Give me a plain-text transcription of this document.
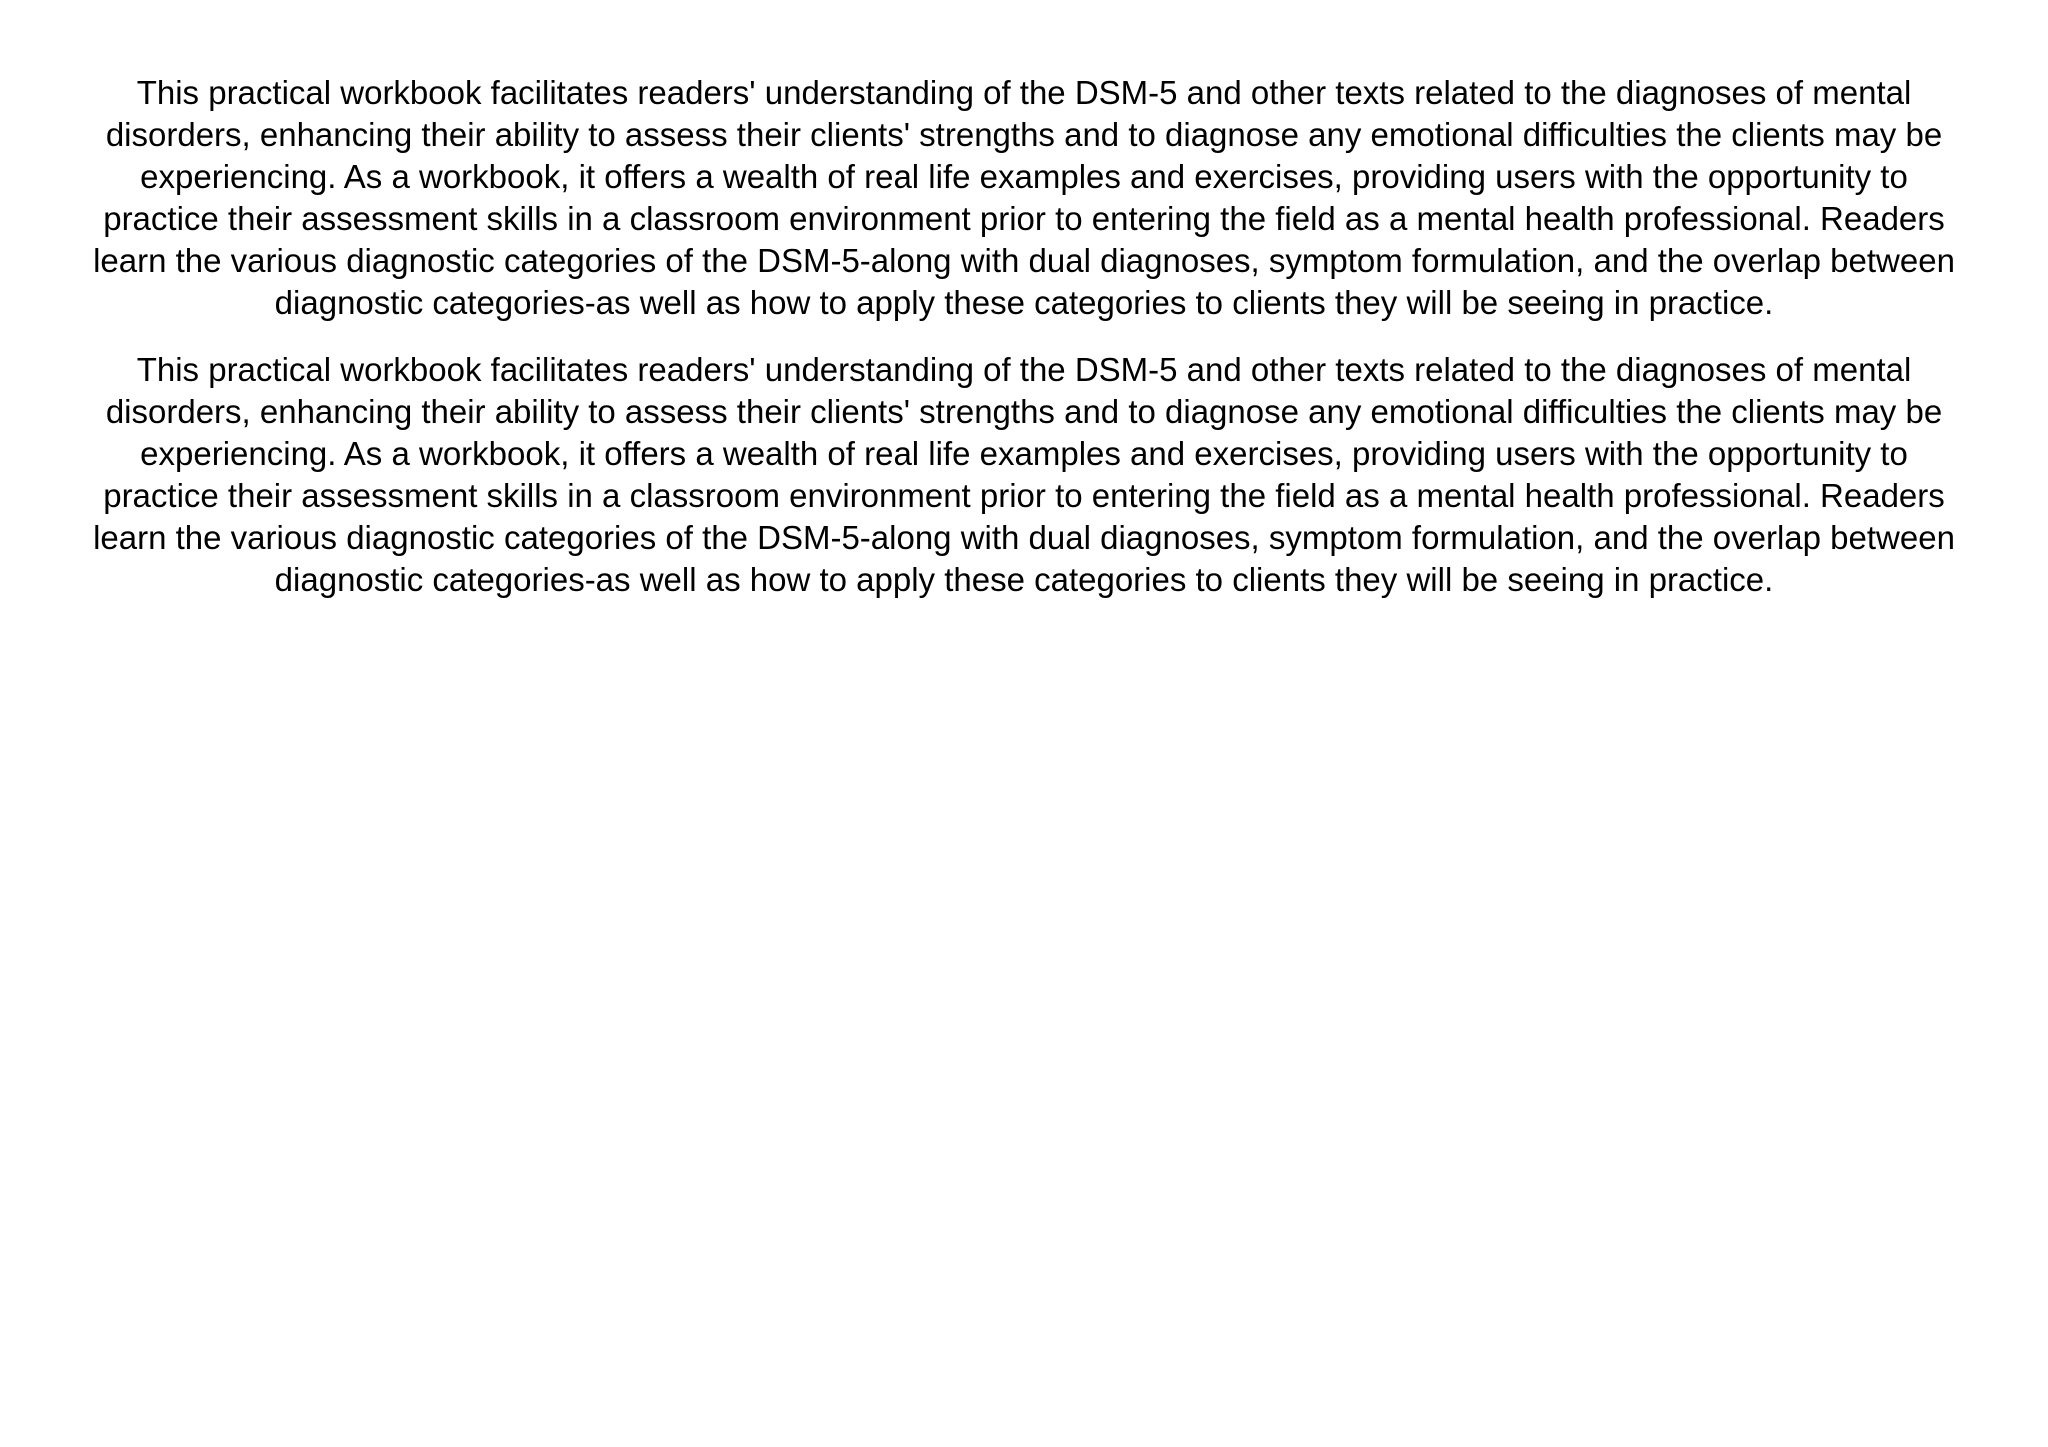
This practical workbook facilitates readers' understanding of the DSM-5 and other texts related to the diagnoses of mental disorders, enhancing their ability to assess their clients' strengths and to diagnose any emotional difficulties the clients may be experiencing. As a workbook, it offers a wealth of real life examples and exercises, providing users with the opportunity to practice their assessment skills in a classroom environment prior to entering the field as a mental health professional. Readers learn the various diagnostic categories of the DSM-5-along with dual diagnoses, symptom formulation, and the overlap between diagnostic categories-as well as how to apply these categories to clients they will be seeing in practice.

This practical workbook facilitates readers' understanding of the DSM-5 and other texts related to the diagnoses of mental disorders, enhancing their ability to assess their clients' strengths and to diagnose any emotional difficulties the clients may be experiencing. As a workbook, it offers a wealth of real life examples and exercises, providing users with the opportunity to practice their assessment skills in a classroom environment prior to entering the field as a mental health professional. Readers learn the various diagnostic categories of the DSM-5-along with dual diagnoses, symptom formulation, and the overlap between diagnostic categories-as well as how to apply these categories to clients they will be seeing in practice.
